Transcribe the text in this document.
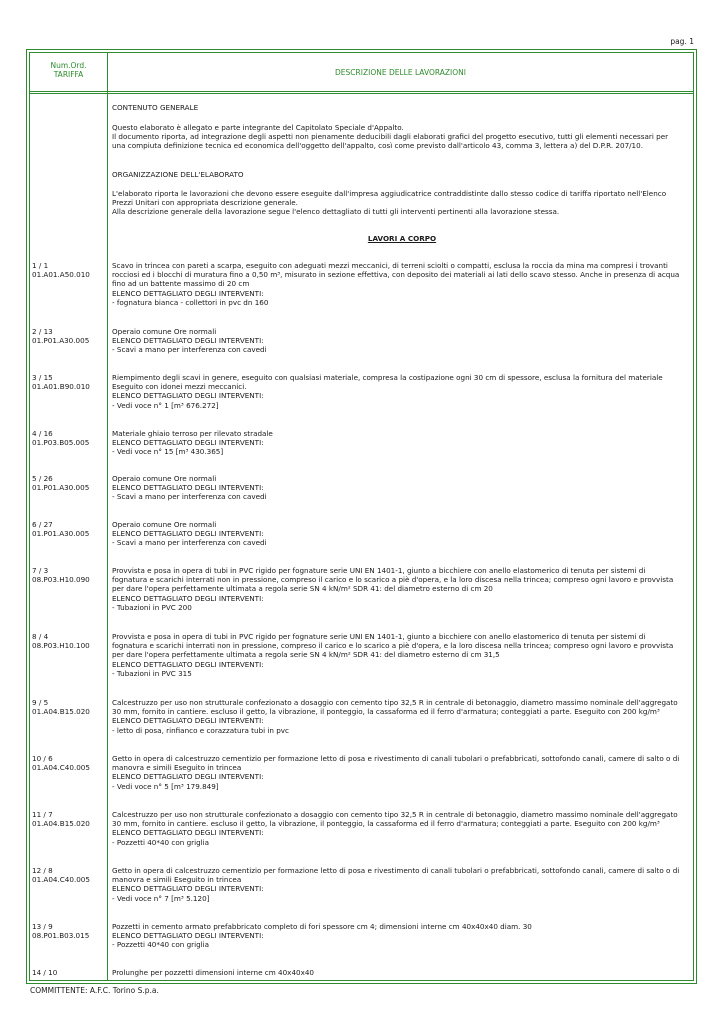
pag. 1
Num.Ord.
TARIFFA	DESCRIZIONE DELLE LAVORAZIONI
CONTENUTO GENERALE

Questo elaborato è allegato e parte integrante del Capitolato Speciale d'Appalto.

Il documento riporta, ad integrazione degli aspetti non pienamente deducibili dagli elaborati grafici del progetto esecutivo, tutti gli elementi necessari per

una compiuta definizione tecnica ed economica dell'oggetto dell'appalto, così come previsto dall'articolo 43, comma 3, lettera a) del D.P.R. 207/10.

ORGANIZZAZIONE DELL'ELABORATO

L'elaborato riporta le lavorazioni che devono essere eseguite dall'impresa aggiudicatrice contraddistinte dallo stesso codice di tariffa riportato nell'Elenco

Prezzi Unitari con appropriata descrizione generale.

Alla descrizione generale della lavorazione segue l'elenco dettagliato di tutti gli interventi pertinenti alla lavorazione stessa.

LAVORI A CORPO
1 / 1
01.A01.A50.010

Scavo in trincea con pareti a scarpa, eseguito con adeguati mezzi meccanici, di terreni sciolti o compatti, esclusa la roccia da mina ma compresi i trovanti

rocciosi ed i blocchi di muratura fino a 0,50 m³, misurato in sezione effettiva, con deposito dei materiali ai lati dello scavo stesso. Anche in presenza di acqua

fino ad un battente massimo di 20 cm

ELENCO DETTAGLIATO DEGLI INTERVENTI:

- fognatura bianca - collettori in pvc dn 160

2 / 13
01.P01.A30.005

Operaio comune Ore normali

ELENCO DETTAGLIATO DEGLI INTERVENTI:

- Scavi a mano per interferenza con cavedi

3 / 15
01.A01.B90.010

Riempimento degli scavi in genere, eseguito con qualsiasi materiale, compresa la costipazione ogni 30 cm di spessore, esclusa la fornitura del materiale

Eseguito con idonei mezzi meccanici.

ELENCO DETTAGLIATO DEGLI INTERVENTI:

- Vedi voce n° 1 [m³ 676.272]

4 / 16
01.P03.B05.005

Materiale ghiaio terroso per rilevato stradale

ELENCO DETTAGLIATO DEGLI INTERVENTI:

- Vedi voce n° 15 [m³ 430.365]

5 / 26
01.P01.A30.005

Operaio comune Ore normali

ELENCO DETTAGLIATO DEGLI INTERVENTI:

- Scavi a mano per interferenza con cavedi

6 / 27
01.P01.A30.005

Operaio comune Ore normali

ELENCO DETTAGLIATO DEGLI INTERVENTI:

- Scavi a mano per interferenza con cavedi

7 / 3
08.P03.H10.090

Provvista e posa in opera di tubi in PVC rigido per fognature serie UNI EN 1401-1, giunto a bicchiere con anello elastomerico di tenuta per sistemi di

fognatura e scarichi interrati non in pressione, compreso il carico e lo scarico a piè d'opera, e la loro discesa nella trincea; compreso ogni lavoro e provvista

per dare l'opera perfettamente ultimata a regola serie SN 4 kN/m² SDR 41: del diametro esterno di cm 20

ELENCO DETTAGLIATO DEGLI INTERVENTI:

- Tubazioni in PVC 200

8 / 4
08.P03.H10.100

Provvista e posa in opera di tubi in PVC rigido per fognature serie UNI EN 1401-1, giunto a bicchiere con anello elastomerico di tenuta per sistemi di

fognatura e scarichi interrati non in pressione, compreso il carico e lo scarico a piè d'opera, e la loro discesa nella trincea; compreso ogni lavoro e provvista

per dare l'opera perfettamente ultimata a regola serie SN 4 kN/m² SDR 41: del diametro esterno di cm 31,5

ELENCO DETTAGLIATO DEGLI INTERVENTI:

- Tubazioni in PVC 315

9 / 5
01.A04.B15.020

Calcestruzzo per uso non strutturale confezionato a dosaggio con cemento tipo 32,5 R in centrale di betonaggio, diametro massimo nominale dell'aggregato

30 mm, fornito in cantiere. escluso il getto, la vibrazione, il ponteggio, la cassaforma ed il ferro d'armatura; conteggiati a parte. Eseguito con 200 kg/m³

ELENCO DETTAGLIATO DEGLI INTERVENTI:

- letto di posa, rinfianco e corazzatura tubi in pvc

10 / 6
01.A04.C40.005

Getto in opera di calcestruzzo cementizio per formazione letto di posa e rivestimento di canali tubolari o prefabbricati, sottofondo canali, camere di salto o di

manovra e simili Eseguito in trincea

ELENCO DETTAGLIATO DEGLI INTERVENTI:

- Vedi voce n° 5 [m³ 179.849]

11 / 7
01.A04.B15.020

Calcestruzzo per uso non strutturale confezionato a dosaggio con cemento tipo 32,5 R in centrale di betonaggio, diametro massimo nominale dell'aggregato

30 mm, fornito in cantiere. escluso il getto, la vibrazione, il ponteggio, la cassaforma ed il ferro d'armatura; conteggiati a parte. Eseguito con 200 kg/m³

ELENCO DETTAGLIATO DEGLI INTERVENTI:

- Pozzetti 40*40 con griglia

12 / 8
01.A04.C40.005

Getto in opera di calcestruzzo cementizio per formazione letto di posa e rivestimento di canali tubolari o prefabbricati, sottofondo canali, camere di salto o di

manovra e simili Eseguito in trincea

ELENCO DETTAGLIATO DEGLI INTERVENTI:

- Vedi voce n° 7 [m³ 5.120]

13 / 9
08.P01.B03.015

Pozzetti in cemento armato prefabbricato completo di fori spessore cm 4; dimensioni interne cm 40x40x40 diam. 30

ELENCO DETTAGLIATO DEGLI INTERVENTI:

- Pozzetti 40*40 con griglia

14 / 10	Prolunghe per pozzetti dimensioni interne cm 40x40x40

COMMITTENTE: A.F.C. Torino S.p.a.
